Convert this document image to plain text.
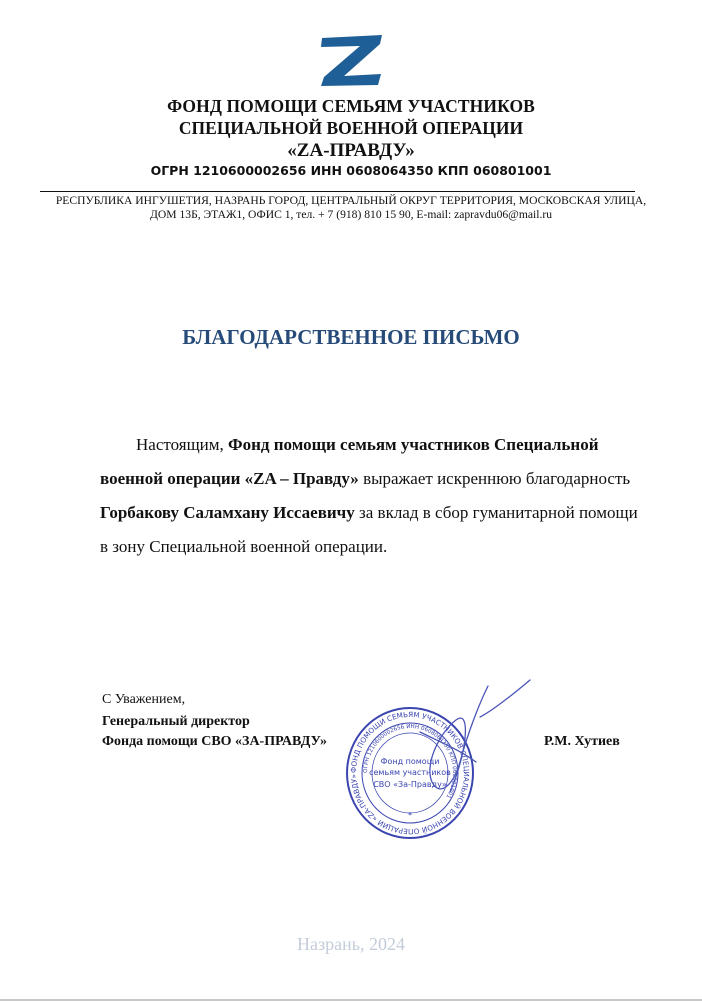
ФОНД ПОМОЩИ СЕМЬЯМ УЧАСТНИКОВ
СПЕЦИАЛЬНОЙ ВОЕННОЙ ОПЕРАЦИИ
«ZA-ПРАВДУ»
ОГРН 1210600002656 ИНН 0608064350 КПП 060801001
РЕСПУБЛИКА ИНГУШЕТИЯ, НАЗРАНЬ ГОРОД, ЦЕНТРАЛЬНЫЙ ОКРУГ ТЕРРИТОРИЯ, МОСКОВСКАЯ УЛИЦА,
ДОМ 13Б, ЭТАЖ1, ОФИС 1, тел. + 7 (918) 810 15 90, E-mail: zapravdu06@mail.ru
БЛАГОДАРСТВЕННОЕ ПИСЬМО
Настоящим, Фонд помощи семьям участников Специальной военной операции «ZA – Правду» выражает искреннюю благодарность Горбакову Саламхану Иссаевичу за вклад в сбор гуманитарной помощи в зону Специальной военной операции.
С Уважением,
Генеральный директор
Фонда помощи СВО «ЗА-ПРАВДУ»	Р.М. Хутиев
ФОНД ПОМОЩИ СЕМЬЯМ УЧАСТНИКОВ СПЕЦИАЛЬНОЙ ВОЕННОЙ ОПЕРАЦИИ «ZA-ПРАВДУ»
ОГРН 1210600002656 ИНН 0608064350 КПП 060801001
Фонд помощи
семьям участников
СВО «За-Правду»
*
Назрань, 2024
